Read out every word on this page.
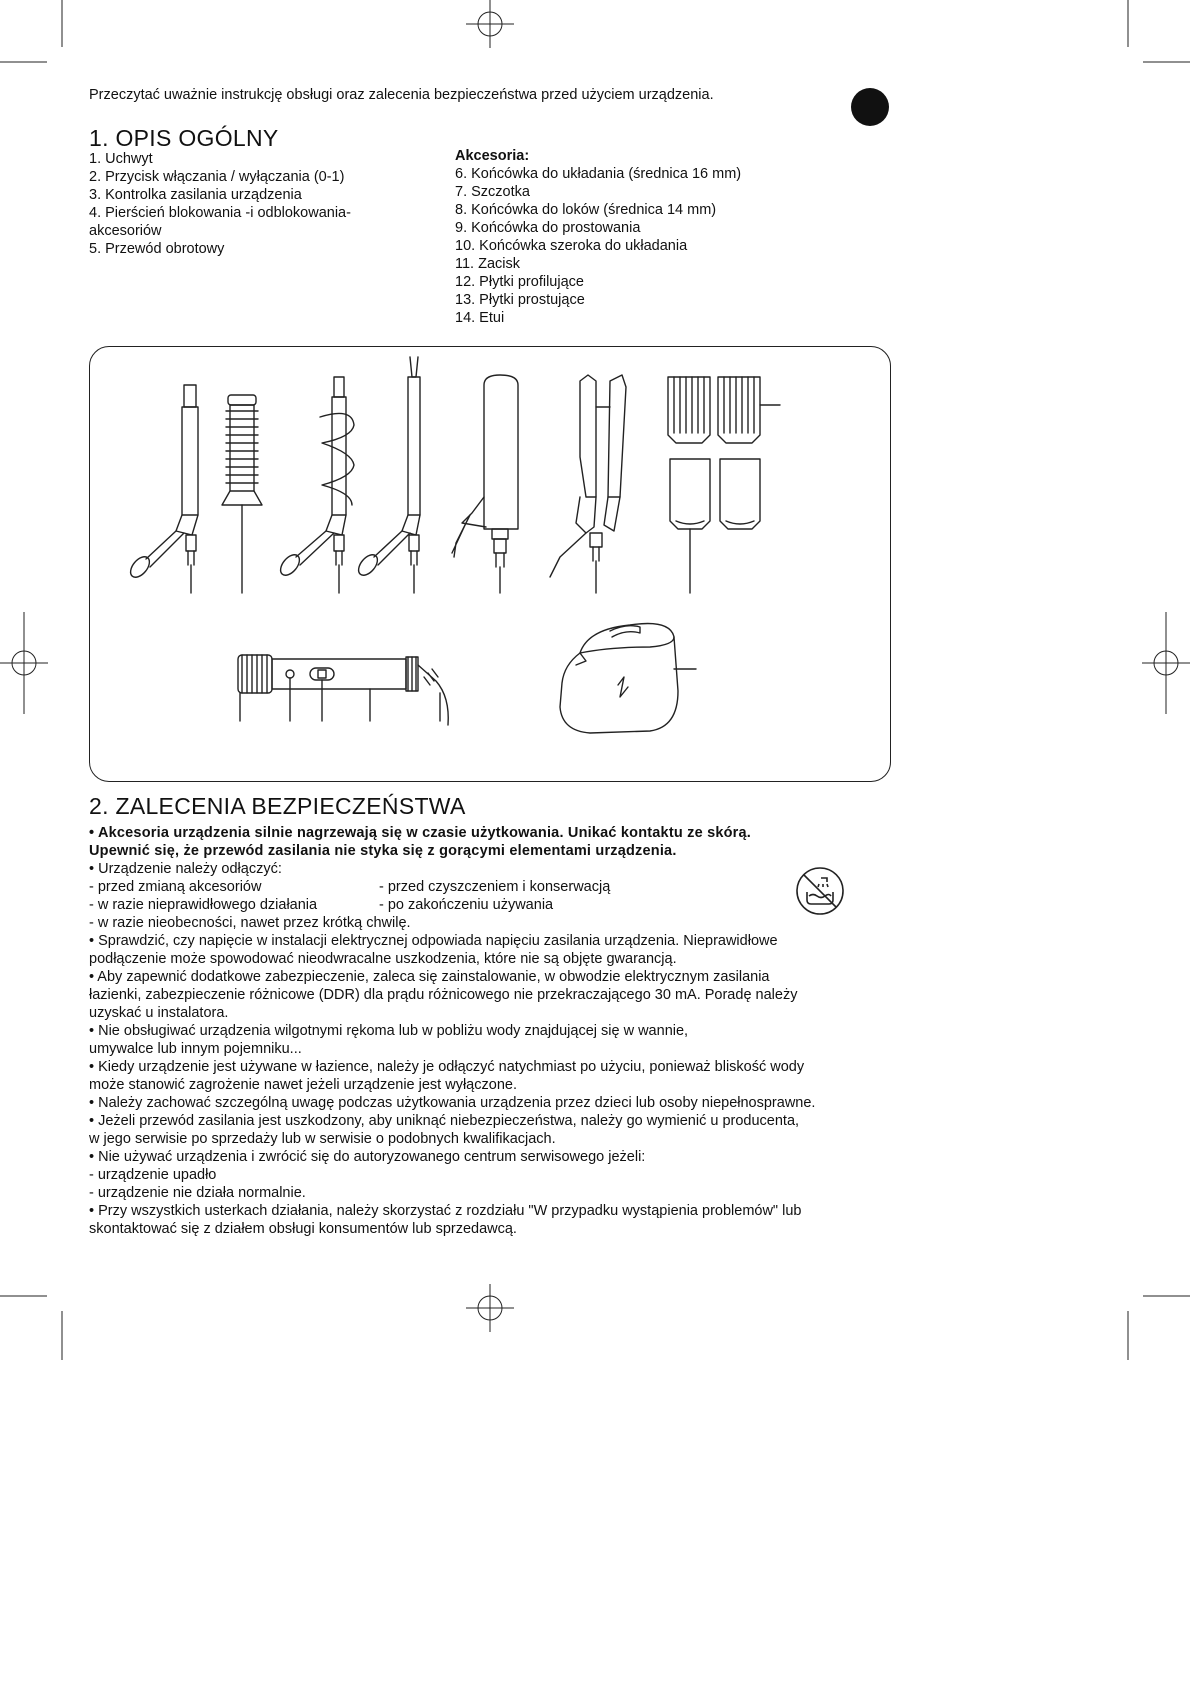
Przeczytać uważnie instrukcję obsługi oraz zalecenia bezpieczeństwa przed użyciem urządzenia.
1. OPIS OGÓLNY
1. Uchwyt
2. Przycisk włączania / wyłączania (0-1)
3. Kontrolka zasilania urządzenia
4. Pierścień blokowania -i odblokowania-
akcesoriów
5. Przewód obrotowy
Akcesoria:
6. Końcówka do układania (średnica 16 mm)
7. Szczotka
8. Końcówka do loków (średnica 14 mm)
9. Końcówka do prostowania
10. Końcówka szeroka do układania
11. Zacisk
12. Płytki profilujące
13. Płytki prostujące
14. Etui
2. ZALECENIA BEZPIECZEŃSTWA
• Akcesoria urządzenia silnie nagrzewają się w czasie użytkowania. Unikać kontaktu ze skórą.
Upewnić się, że przewód zasilania nie styka się z gorącymi elementami urządzenia.
• Urządzenie należy odłączyć:
- przed zmianą akcesoriów	- przed czyszczeniem i konserwacją
- w razie nieprawidłowego działania	- po zakończeniu używania
- w razie nieobecności, nawet przez krótką chwilę.
• Sprawdzić, czy napięcie w instalacji elektrycznej odpowiada napięciu zasilania urządzenia. Nieprawidłowe
podłączenie może spowodować nieodwracalne uszkodzenia, które nie są objęte gwarancją.
• Aby zapewnić dodatkowe zabezpieczenie, zaleca się zainstalowanie, w obwodzie elektrycznym zasilania
łazienki, zabezpieczenie różnicowe (DDR) dla prądu różnicowego nie przekraczającego 30 mA. Poradę należy
uzyskać u instalatora.
• Nie obsługiwać urządzenia wilgotnymi rękoma lub w pobliżu wody znajdującej się w wannie,
umywalce lub innym pojemniku...
• Kiedy urządzenie jest używane w łazience, należy je odłączyć natychmiast po użyciu, ponieważ bliskość wody
może stanowić zagrożenie nawet jeżeli urządzenie jest wyłączone.
• Należy zachować szczególną uwagę podczas użytkowania urządzenia przez dzieci lub osoby niepełnosprawne.
• Jeżeli przewód zasilania jest uszkodzony, aby uniknąć niebezpieczeństwa, należy go wymienić u producenta,
w jego serwisie po sprzedaży lub w serwisie o podobnych kwalifikacjach.
• Nie używać urządzenia i zwrócić się do autoryzowanego centrum serwisowego jeżeli:
- urządzenie upadło
- urządzenie nie działa normalnie.
• Przy wszystkich usterkach działania, należy skorzystać z rozdziału "W przypadku wystąpienia problemów" lub
skontaktować się z działem obsługi konsumentów lub sprzedawcą.
